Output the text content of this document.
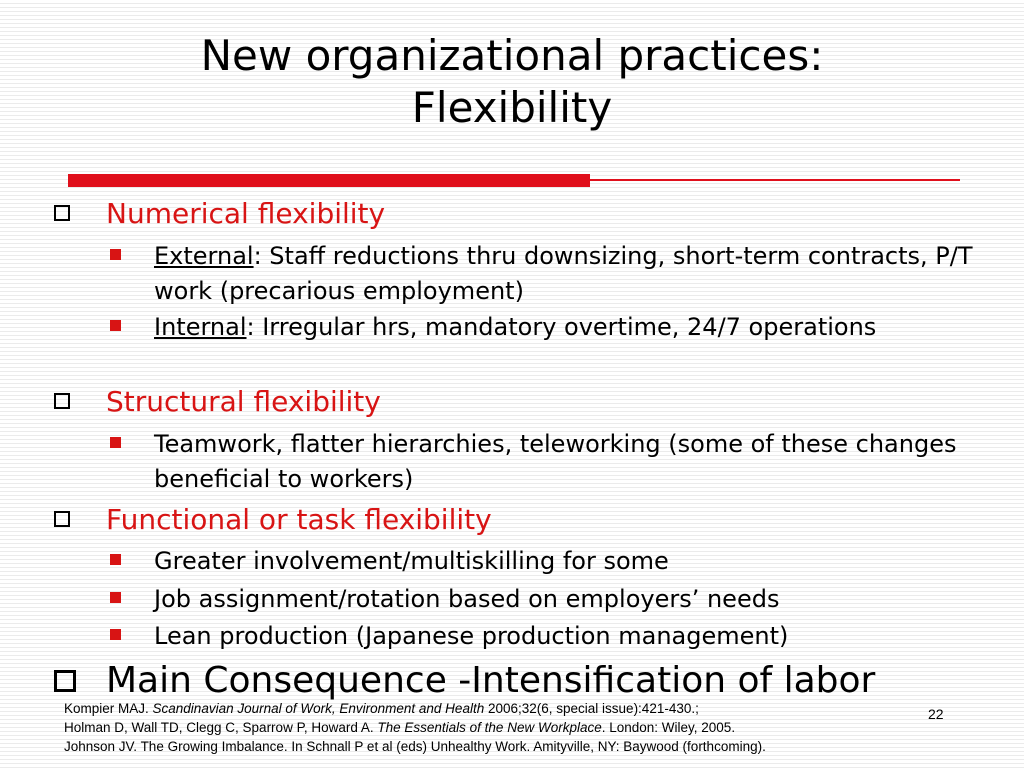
New organizational practices:
Flexibility
Numerical flexibility
External: Staff reductions thru downsizing, short-term contracts, P/T work (precarious employment)
Internal: Irregular hrs, mandatory overtime, 24/7 operations
Structural flexibility
Teamwork, flatter hierarchies, teleworking (some of these changes beneficial to workers)
Functional or task flexibility
Greater involvement/multiskilling for some
Job assignment/rotation based on employers’ needs
Lean production (Japanese production management)
Main Consequence -Intensification of labor
Kompier MAJ. Scandinavian Journal of Work, Environment and Health 2006;32(6, special issue):421-430.;
Holman D, Wall TD, Clegg C, Sparrow P, Howard A. The Essentials of the New Workplace. London: Wiley, 2005.
Johnson JV. The Growing Imbalance. In Schnall P et al (eds) Unhealthy Work. Amityville, NY: Baywood (forthcoming).
22
